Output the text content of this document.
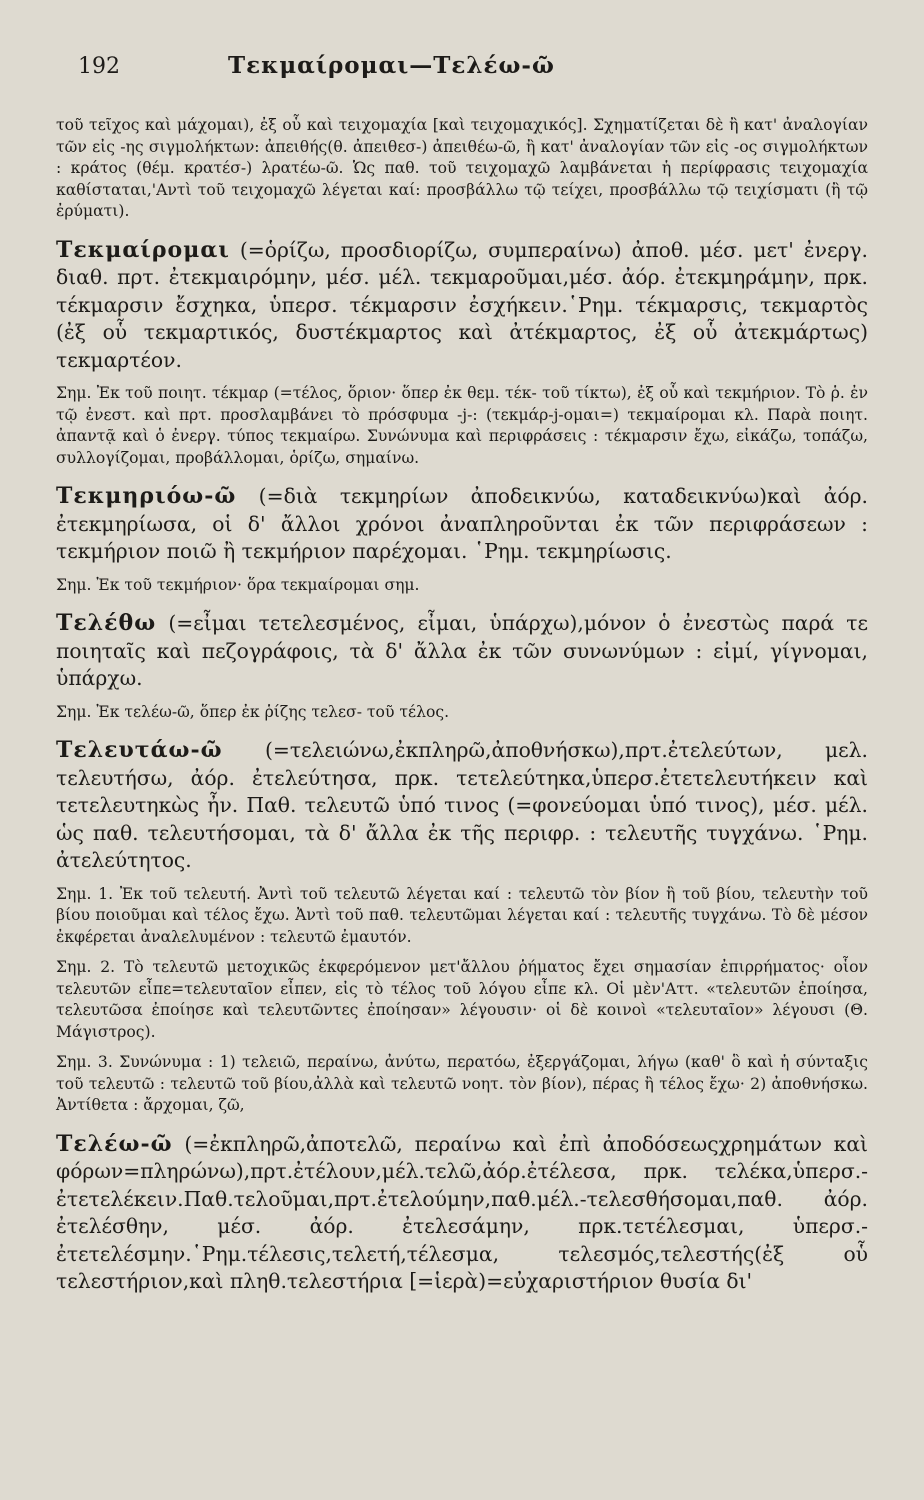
192	Τεκμαίρομαι—Τελέω-ῶ

τοῦ τεῖχος καὶ μάχομαι), ἐξ οὗ καὶ τειχομαχία [καὶ τειχομαχικός]. Σχηματίζεται δὲ ἢ κατ' ἀναλογίαν τῶν εἰς -ης σιγμολήκτων: ἀπειθής(θ. ἀπειθεσ-) ἀπειθέω-ῶ, ἢ κατ' ἀναλογίαν τῶν εἰς -ος σιγμολήκτων : κράτος (θέμ. κρατέσ-) λρατέω-ῶ. Ὡς παθ. τοῦ τειχομαχῶ λαμβάνεται ἡ περίφρασις τειχομαχία καθίσταται,'Αντὶ τοῦ τειχομαχῶ λέγεται καί: προσβάλλω τῷ τείχει, προσβάλλω τῷ τειχίσματι (ἢ τῷ ἐρύματι).

Τεκμαίρομαι (=ὁρίζω, προσδιορίζω, συμπεραίνω) ἀποθ. μέσ. μετ' ἐνεργ. διαθ. πρτ. ἐτεκμαιρόμην, μέσ. μέλ. τεκμαροῦμαι,μέσ. ἀόρ. ἐτεκμηράμην, πρκ. τέκμαρσιν ἔσχηκα, ὑπερσ. τέκμαρσιν ἐσχήκειν.῾Ρημ. τέκμαρσις, τεκμαρτὸς (ἐξ οὗ τεκμαρτικός, δυστέκμαρτος καὶ ἀτέκμαρτος, ἐξ οὗ ἀτεκμάρτως) τεκμαρτέον.

Σημ. Ἐκ τοῦ ποιητ. τέκμαρ (=τέλος, ὅριον· ὅπερ ἐκ θεμ. τέκ- τοῦ τίκτω), ἐξ οὗ καὶ τεκμήριον. Τὸ ῥ. ἐν τῷ ἐνεστ. καὶ πρτ. προσλαμβάνει τὸ πρόσφυμα -j-: (τεκμάρ-j-ομαι=) τεκμαίρομαι κλ. Παρὰ ποιητ. ἀπαντᾷ καὶ ὁ ἐνεργ. τύπος τεκμαίρω. Συνώνυμα καὶ περιφράσεις : τέκμαρσιν ἔχω, εἰκάζω, τοπάζω, συλλογίζομαι, προβάλλομαι, ὁρίζω, σημαίνω.

Τεκμηριόω-ῶ (=διὰ τεκμηρίων ἀποδεικνύω, καταδεικνύω)καὶ ἀόρ. ἐτεκμηρίωσα, οἱ δ' ἄλλοι χρόνοι ἀναπληροῦνται ἐκ τῶν περιφράσεων : τεκμήριον ποιῶ ἢ τεκμήριον παρέχομαι. ῾Ρημ. τεκμηρίωσις.

Σημ. Ἐκ τοῦ τεκμήριον· ὅρα τεκμαίρομαι σημ.

Τελέθω (=εἶμαι τετελεσμένος, εἶμαι, ὑπάρχω),μόνον ὁ ἐνεστὼς παρά τε ποιηταῖς καὶ πεζογράφοις, τὰ δ' ἄλλα ἐκ τῶν συνωνύμων : εἰμί, γίγνομαι, ὑπάρχω.

Σημ. Ἐκ τελέω-ῶ, ὅπερ ἐκ ῥίζης τελεσ- τοῦ τέλος.

Τελευτάω-ῶ (=τελειώνω,ἐκπληρῶ,ἀποθνήσκω),πρτ.ἐτελεύτων, μελ. τελευτήσω, ἀόρ. ἐτελεύτησα, πρκ. τετελεύτηκα,ὑπερσ.ἐτετελευτήκειν καὶ τετελευτηκὼς ἦν. Παθ. τελευτῶ ὑπό τινος (=φονεύομαι ὑπό τινος), μέσ. μέλ. ὡς παθ. τελευτήσομαι, τὰ δ' ἄλλα ἐκ τῆς περιφρ. : τελευτῆς τυγχάνω. ῾Ρημ. ἀτελεύτητος.

Σημ. 1. Ἐκ τοῦ τελευτή. Ἀντὶ τοῦ τελευτῶ λέγεται καί : τελευτῶ τὸν βίον ἢ τοῦ βίου, τελευτὴν τοῦ βίου ποιοῦμαι καὶ τέλος ἔχω. Ἀντὶ τοῦ παθ. τελευτῶμαι λέγεται καί : τελευτῆς τυγχάνω. Τὸ δὲ μέσον ἐκφέρεται ἀναλελυμένον : τελευτῶ ἐμαυτόν.

Σημ. 2. Τὸ τελευτῶ μετοχικῶς ἐκφερόμενον μετ'ἄλλου ῥήματος ἔχει σημασίαν ἐπιρρήματος· οἷον τελευτῶν εἶπε=τελευταῖον εἶπεν, εἰς τὸ τέλος τοῦ λόγου εἶπε κλ. Οἱ μὲν'Αττ. «τελευτῶν ἐποίησα, τελευτῶσα ἐποίησε καὶ τελευτῶντες ἐποίησαν» λέγουσιν· οἱ δὲ κοινοὶ «τελευταῖον» λέγουσι (Θ. Μάγιστρος).

Σημ. 3. Συνώνυμα : 1) τελειῶ, περαίνω, ἀνύτω, περατόω, ἐξεργάζομαι, λήγω (καθ' ὃ καὶ ἡ σύνταξις τοῦ τελευτῶ : τελευτῶ τοῦ βίου,ἀλλὰ καὶ τελευτῶ νοητ. τὸν βίον), πέρας ἢ τέλος ἔχω· 2) ἀποθνήσκω. Ἀντίθετα : ἄρχομαι, ζῶ,

Τελέω-ῶ (=ἐκπληρῶ,ἀποτελῶ, περαίνω καὶ ἐπὶ ἀποδόσεωςχρημάτων καὶ φόρων=πληρώνω),πρτ.ἐτέλουν,μέλ.τελῶ,ἀόρ.ἐτέλεσα, πρκ. τελέκα,ὑπερσ.-ἐτετελέκειν.Παθ.τελοῦμαι,πρτ.ἐτελούμην,παθ.μέλ.-τελεσθήσομαι,παθ. ἀόρ. ἐτελέσθην, μέσ. ἀόρ. ἐτελεσάμην, πρκ.τετέλεσμαι, ὑπερσ.-ἐτετελέσμην.῾Ρημ.τέλεσις,τελετή,τέλεσμα, τελεσμός,τελεστής(ἐξ οὗ τελεστήριον,καὶ πληθ.τελεστήρια [=ἱερὰ)=εὐχαριστήριον θυσία δι'
